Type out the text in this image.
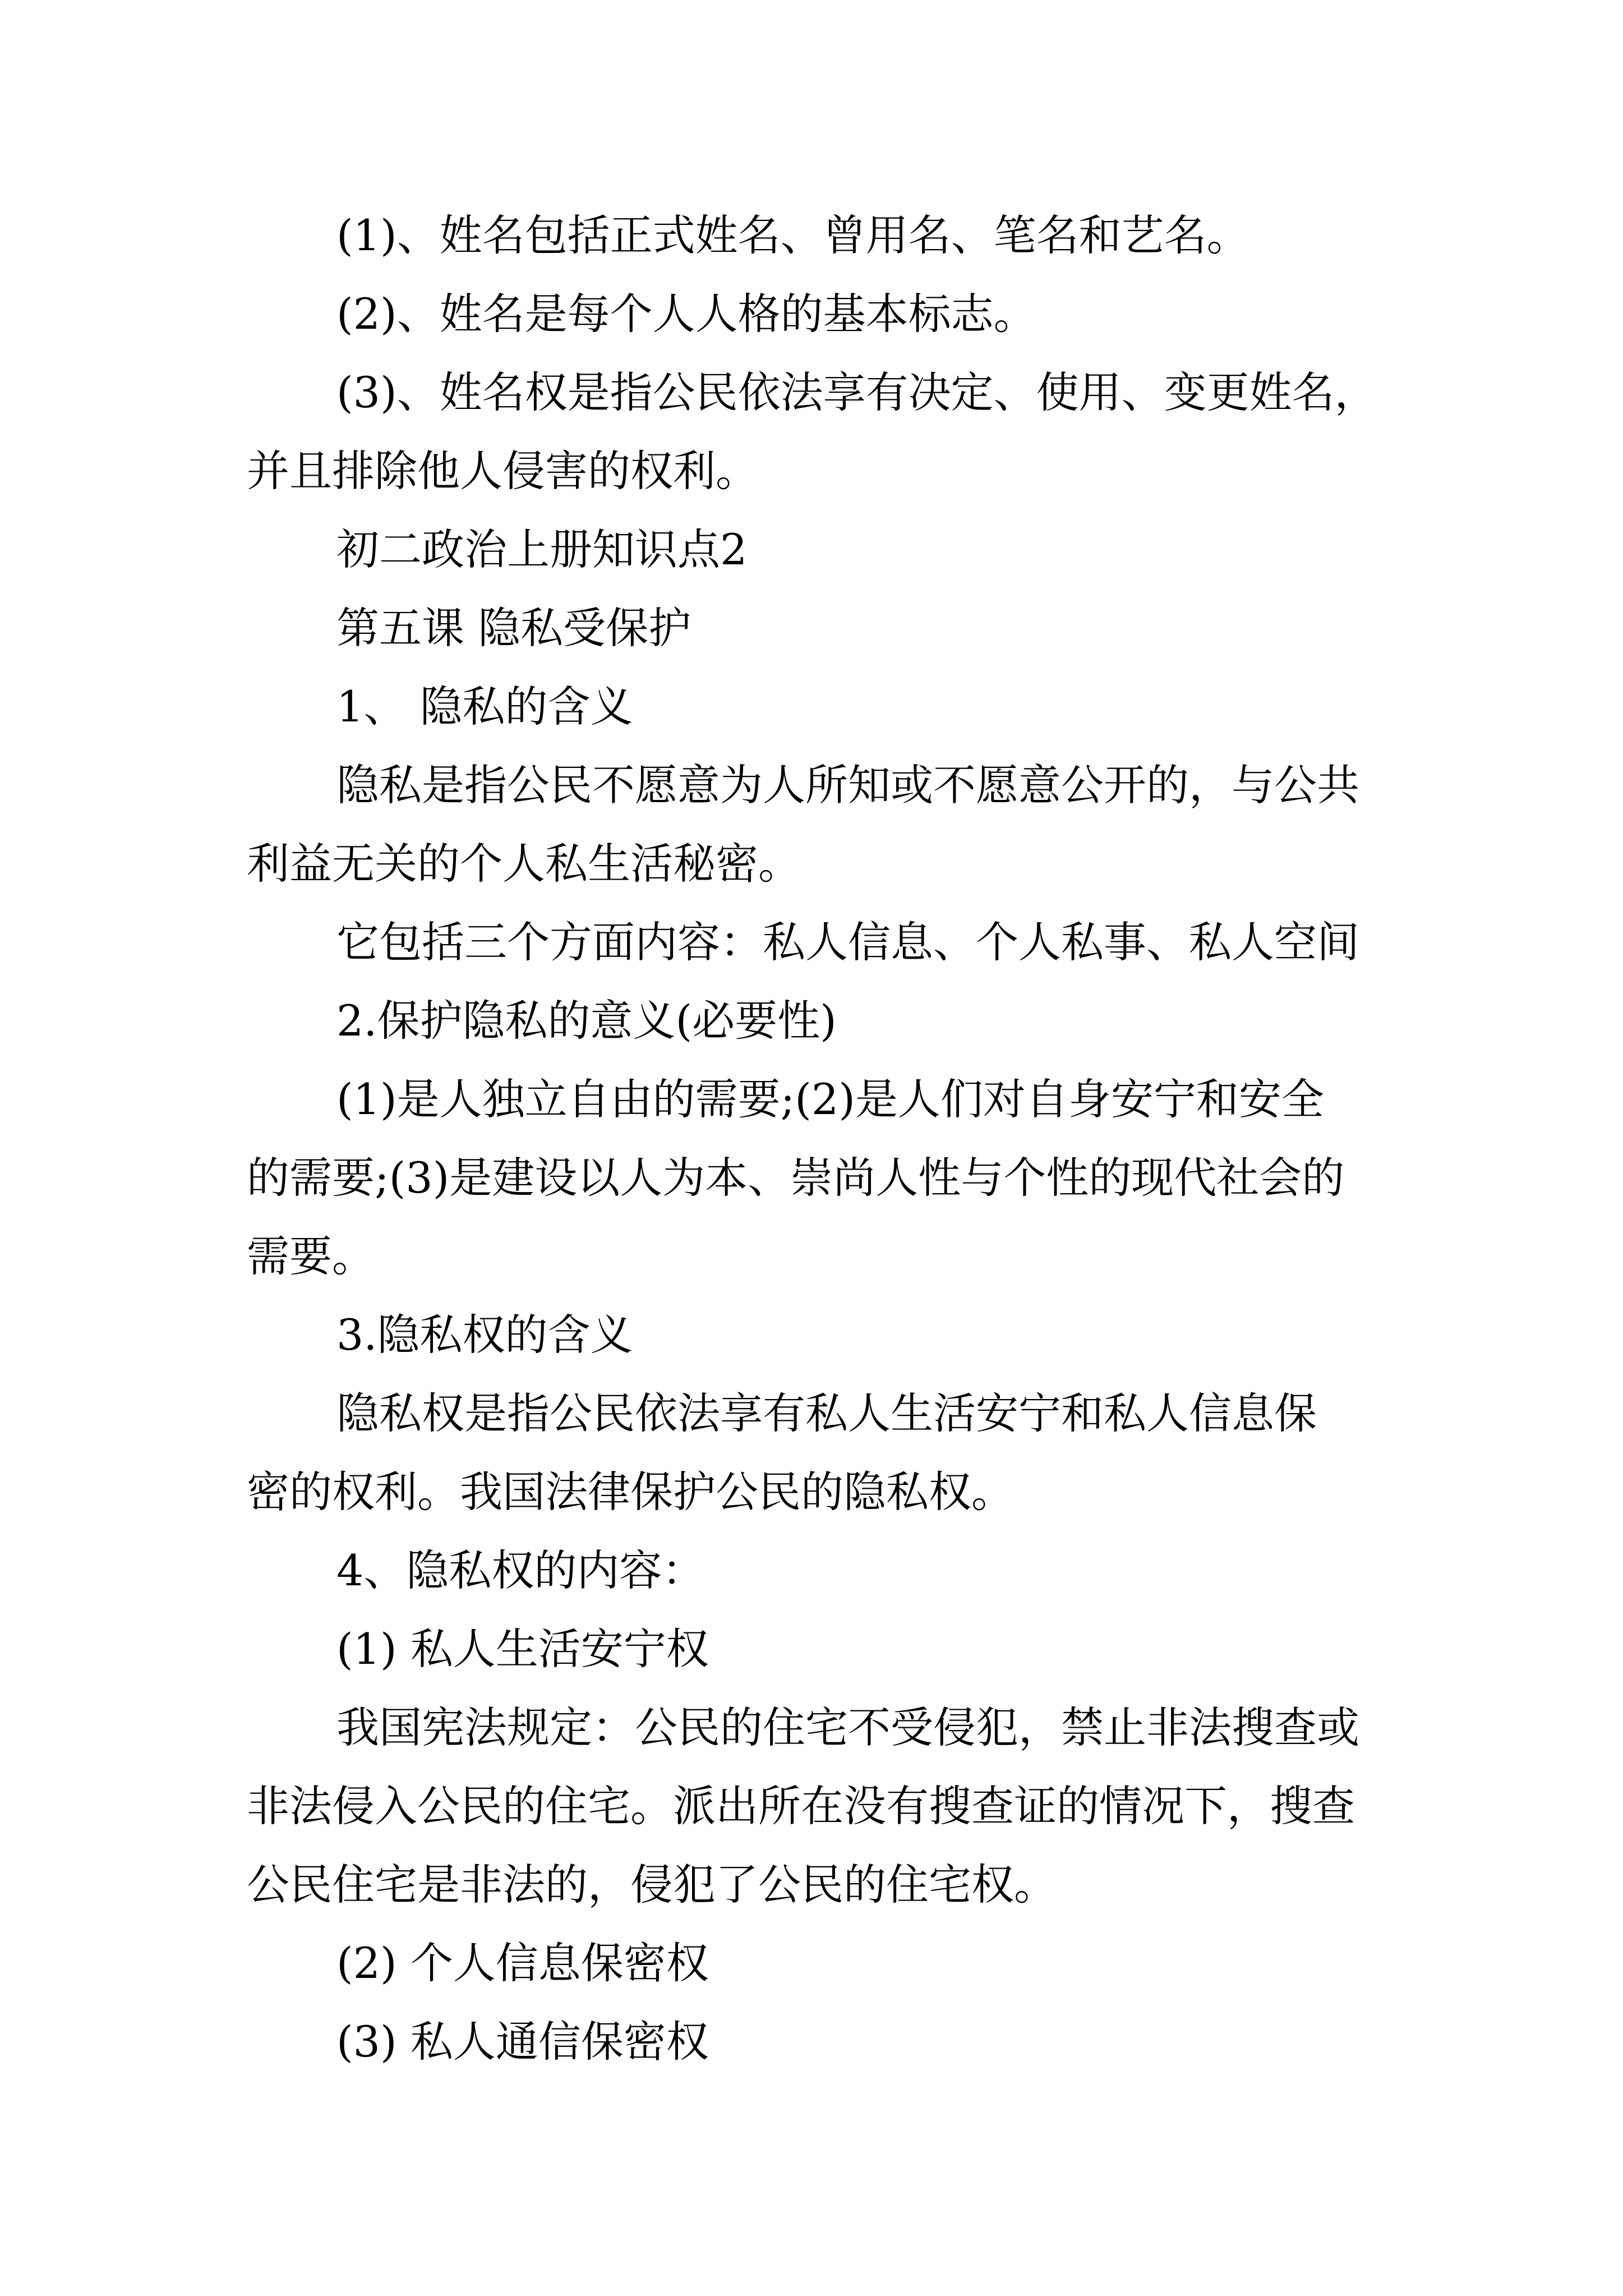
(1)、姓名包括正式姓名、曾用名、笔名和艺名。
(2)、姓名是每个人人格的基本标志。
(3)、姓名权是指公民依法享有决定、使用、变更姓名，
并且排除他人侵害的权利。
初二政治上册知识点2
第五课 隐私受保护
1、 隐私的含义
隐私是指公民不愿意为人所知或不愿意公开的，与公共
利益无关的个人私生活秘密。
它包括三个方面内容：私人信息、个人私事、私人空间
2.保护隐私的意义(必要性)
(1)是人独立自由的需要;(2)是人们对自身安宁和安全
的需要;(3)是建设以人为本、崇尚人性与个性的现代社会的
需要。
3.隐私权的含义
隐私权是指公民依法享有私人生活安宁和私人信息保
密的权利。我国法律保护公民的隐私权。
4、隐私权的内容：
(1) 私人生活安宁权
我国宪法规定：公民的住宅不受侵犯，禁止非法搜查或
非法侵入公民的住宅。派出所在没有搜查证的情况下，搜查
公民住宅是非法的，侵犯了公民的住宅权。
(2) 个人信息保密权
(3) 私人通信保密权
